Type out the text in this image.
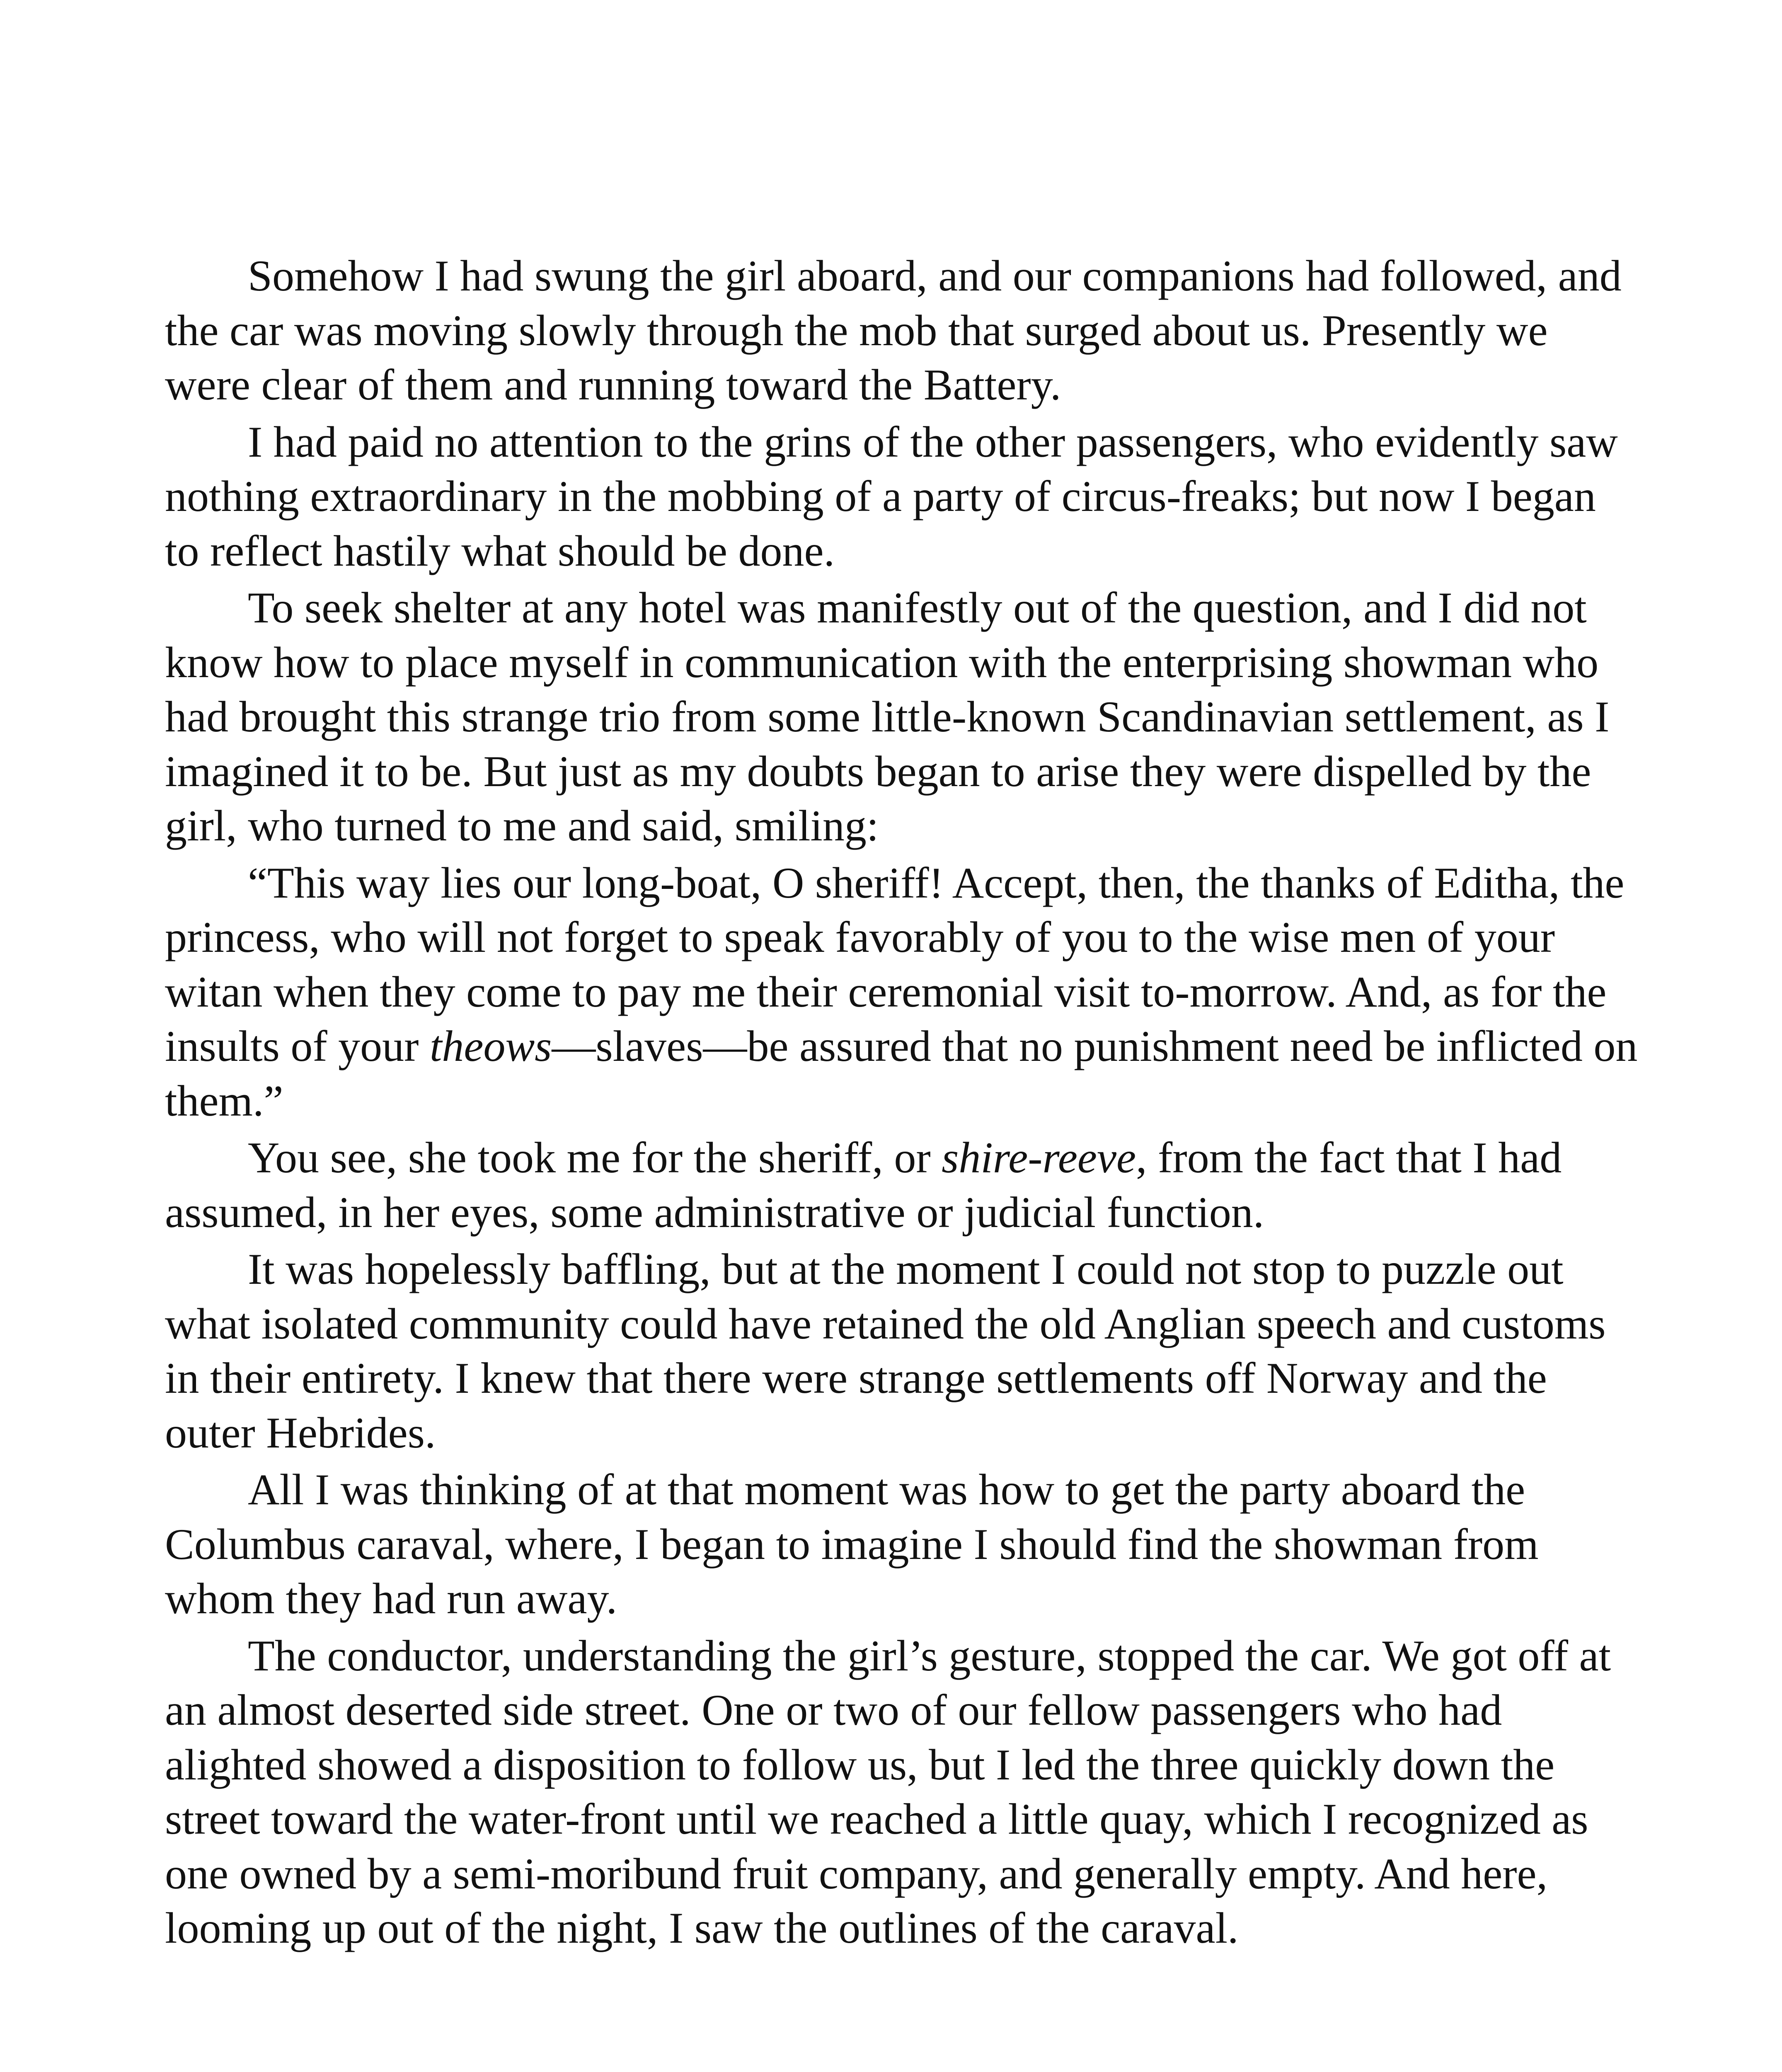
Somehow I had swung the girl aboard, and our companions had followed, and the car was moving slowly through the mob that surged about us. Presently we were clear of them and running toward the Battery.

I had paid no attention to the grins of the other passengers, who evidently saw nothing extraordinary in the mobbing of a party of circus-freaks; but now I began to reflect hastily what should be done.

To seek shelter at any hotel was manifestly out of the question, and I did not know how to place myself in communication with the enterprising showman who had brought this strange trio from some little-known Scandinavian settlement, as I imagined it to be. But just as my doubts began to arise they were dispelled by the girl, who turned to me and said, smiling:

“This way lies our long-boat, O sheriff! Accept, then, the thanks of Editha, the princess, who will not forget to speak favorably of you to the wise men of your witan when they come to pay me their ceremonial visit to-morrow. And, as for the insults of your theows—slaves—be assured that no punishment need be inflicted on them.”

You see, she took me for the sheriff, or shire-reeve, from the fact that I had assumed, in her eyes, some administrative or judicial function.

It was hopelessly baffling, but at the moment I could not stop to puzzle out what isolated community could have retained the old Anglian speech and customs in their entirety. I knew that there were strange settlements off Norway and the outer Hebrides.

All I was thinking of at that moment was how to get the party aboard the Columbus caraval, where, I began to imagine I should find the showman from whom they had run away.

The conductor, understanding the girl’s gesture, stopped the car. We got off at an almost deserted side street. One or two of our fellow passengers who had alighted showed a disposition to follow us, but I led the three quickly down the street toward the water-front until we reached a little quay, which I recognized as one owned by a semi-moribund fruit company, and generally empty. And here, looming up out of the night, I saw the outlines of the caraval.
